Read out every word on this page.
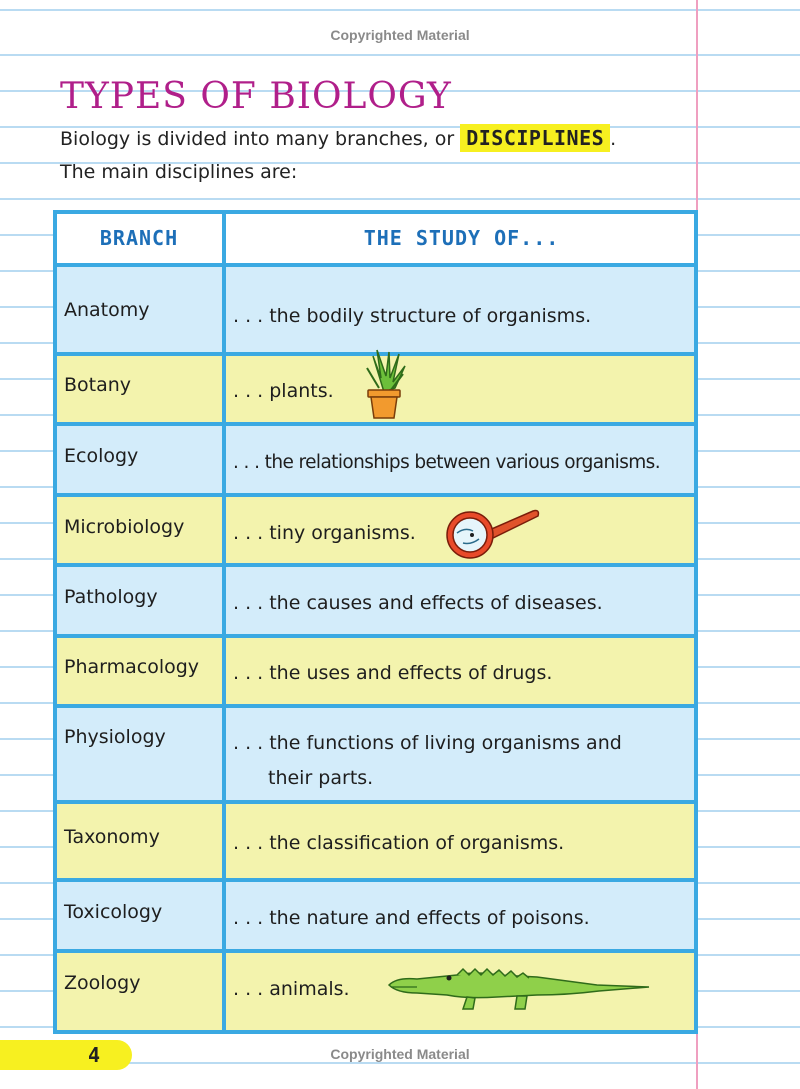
Copyrighted Material
TYPES OF BIOLOGY
Biology is divided into many branches, or DISCIPLINES .
The main disciplines are:
BRANCH	THE STUDY OF...
Anatomy	. . . the bodily structure of organisms.
Botany	. . . plants.
Ecology	. . . the relationships between various organisms.
Microbiology	. . . tiny organisms.
Pathology	. . . the causes and effects of diseases.
Pharmacology . . . the uses and effects of drugs.
Physiology	. . . the functions of living organisms and
their parts.
Taxonomy	. . . the classification of organisms.
Toxicology	. . . the nature and effects of poisons.
Zoology	. . . animals.
4	Copyrighted Material
